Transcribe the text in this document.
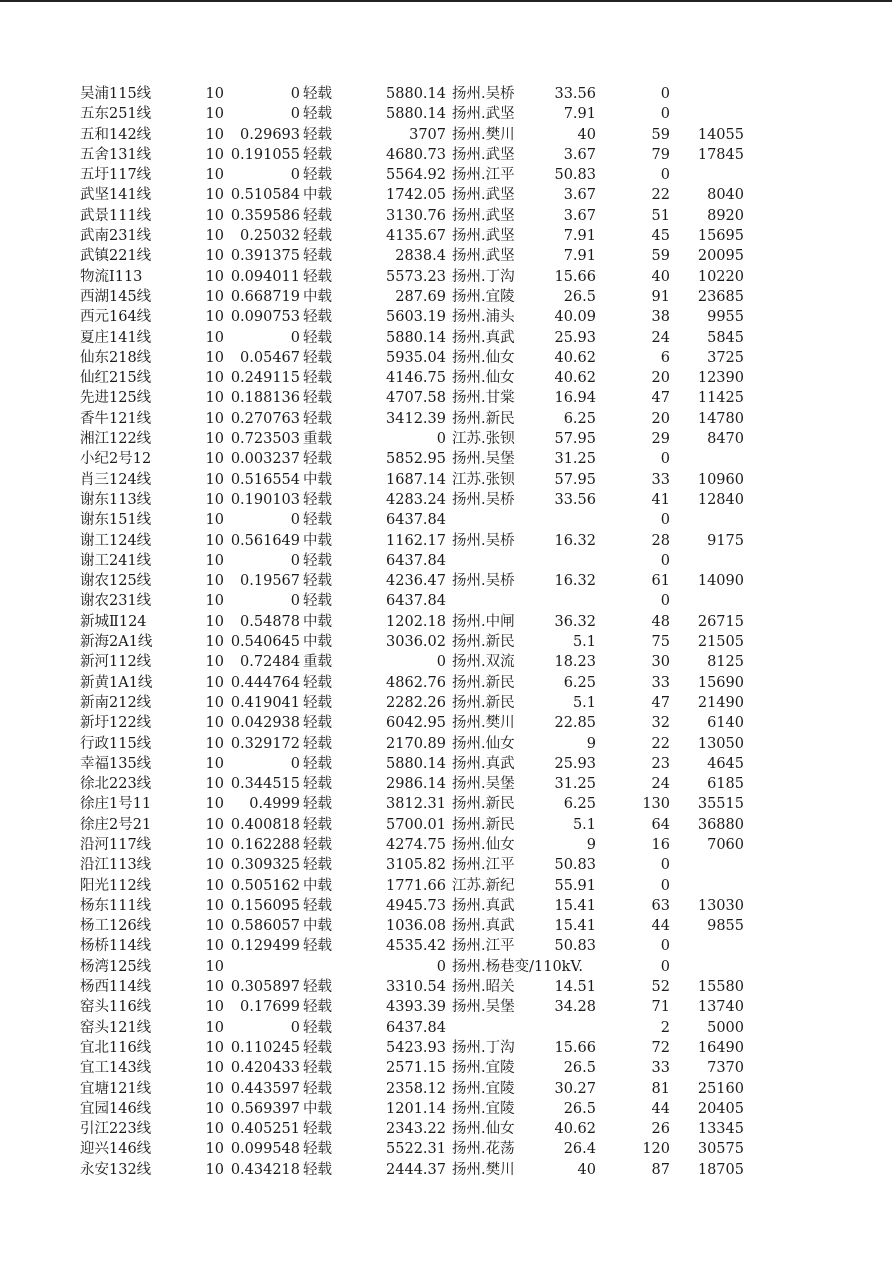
吴浦115线	10	0 轻载	5880.14 扬州.吴桥	33.56	0
五东251线	10	0 轻载	5880.14 扬州.武坚	7.91	0
五和142线	10	0.29693 轻载	3707 扬州.樊川	40	59	14055
五舍131线	10 0.191055 轻载	4680.73 扬州.武坚	3.67	79	17845
五圩117线	10	0 轻载	5564.92 扬州.江平	50.83	0
武坚141线	10 0.510584 中载	1742.05 扬州.武坚	3.67	22	8040
武景111线	10 0.359586 轻载	3130.76 扬州.武坚	3.67	51	8920
武南231线	10	0.25032 轻载	4135.67 扬州.武坚	7.91	45	15695
武镇221线	10 0.391375 轻载	2838.4 扬州.武坚	7.91	59	20095
物流Ⅰ113	10 0.094011 轻载	5573.23 扬州.丁沟	15.66	40	10220
西湖145线	10 0.668719 中载	287.69 扬州.宜陵	26.5	91	23685
西元164线	10 0.090753 轻载	5603.19 扬州.浦头	40.09	38	9955
夏庄141线	10	0 轻载	5880.14 扬州.真武	25.93	24	5845
仙东218线	10	0.05467 轻载	5935.04 扬州.仙女	40.62	6	3725
仙红215线	10 0.249115 轻载	4146.75 扬州.仙女	40.62	20	12390
先进125线	10 0.188136 轻载	4707.58 扬州.甘棠	16.94	47	11425
香牛121线	10 0.270763 轻载	3412.39 扬州.新民	6.25	20	14780
湘江122线	10 0.723503 重载	0 江苏.张钡	57.95	29	8470
小纪2号12	10 0.003237 轻载	5852.95 扬州.吴堡	31.25	0
肖三124线	10 0.516554 中载	1687.14 江苏.张钡	57.95	33	10960
谢东113线	10 0.190103 轻载	4283.24 扬州.吴桥	33.56	41	12840
谢东151线	10	0 轻载	6437.84	0
谢工124线	10 0.561649 中载	1162.17 扬州.吴桥	16.32	28	9175
谢工241线	10	0 轻载	6437.84	0
谢农125线	10	0.19567 轻载	4236.47 扬州.吴桥	16.32	61	14090
谢农231线	10	0 轻载	6437.84	0
新城Ⅱ124	10	0.54878 中载	1202.18 扬州.中闸	36.32	48	26715
新海2A1线	10 0.540645 中载	3036.02 扬州.新民	5.1	75	21505
新河112线	10	0.72484 重载	0 扬州.双流	18.23	30	8125
新黄1A1线	10 0.444764 轻载	4862.76 扬州.新民	6.25	33	15690
新南212线	10 0.419041 轻载	2282.26 扬州.新民	5.1	47	21490
新圩122线	10 0.042938 轻载	6042.95 扬州.樊川	22.85	32	6140
行政115线	10 0.329172 轻载	2170.89 扬州.仙女	9	22	13050
幸福135线	10	0 轻载	5880.14 扬州.真武	25.93	23	4645
徐北223线	10 0.344515 轻载	2986.14 扬州.吴堡	31.25	24	6185
徐庄1号11	10	0.4999 轻载	3812.31 扬州.新民	6.25	130	35515
徐庄2号21	10 0.400818 轻载	5700.01 扬州.新民	5.1	64	36880
沿河117线	10 0.162288 轻载	4274.75 扬州.仙女	9	16	7060
沿江113线	10 0.309325 轻载	3105.82 扬州.江平	50.83	0
阳光112线	10 0.505162 中载	1771.66 江苏.新纪	55.91	0
杨东111线	10 0.156095 轻载	4945.73 扬州.真武	15.41	63	13030
杨工126线	10 0.586057 中载	1036.08 扬州.真武	15.41	44	9855
杨桥114线	10 0.129499 轻载	4535.42 扬州.江平	50.83	0
杨湾125线	10	0 扬州.杨巷变/110kV.	0
杨西114线	10 0.305897 轻载	3310.54 扬州.昭关	14.51	52	15580
窑头116线	10	0.17699 轻载	4393.39 扬州.吴堡	34.28	71	13740
窑头121线	10	0 轻载	6437.84	2	5000
宜北116线	10 0.110245 轻载	5423.93 扬州.丁沟	15.66	72	16490
宜工143线	10 0.420433 轻载	2571.15 扬州.宜陵	26.5	33	7370
宜塘121线	10 0.443597 轻载	2358.12 扬州.宜陵	30.27	81	25160
宜园146线	10 0.569397 中载	1201.14 扬州.宜陵	26.5	44	20405
引江223线	10 0.405251 轻载	2343.22 扬州.仙女	40.62	26	13345
迎兴146线	10 0.099548 轻载	5522.31 扬州.花荡	26.4	120	30575
永安132线	10 0.434218 轻载	2444.37 扬州.樊川	40	87	18705
